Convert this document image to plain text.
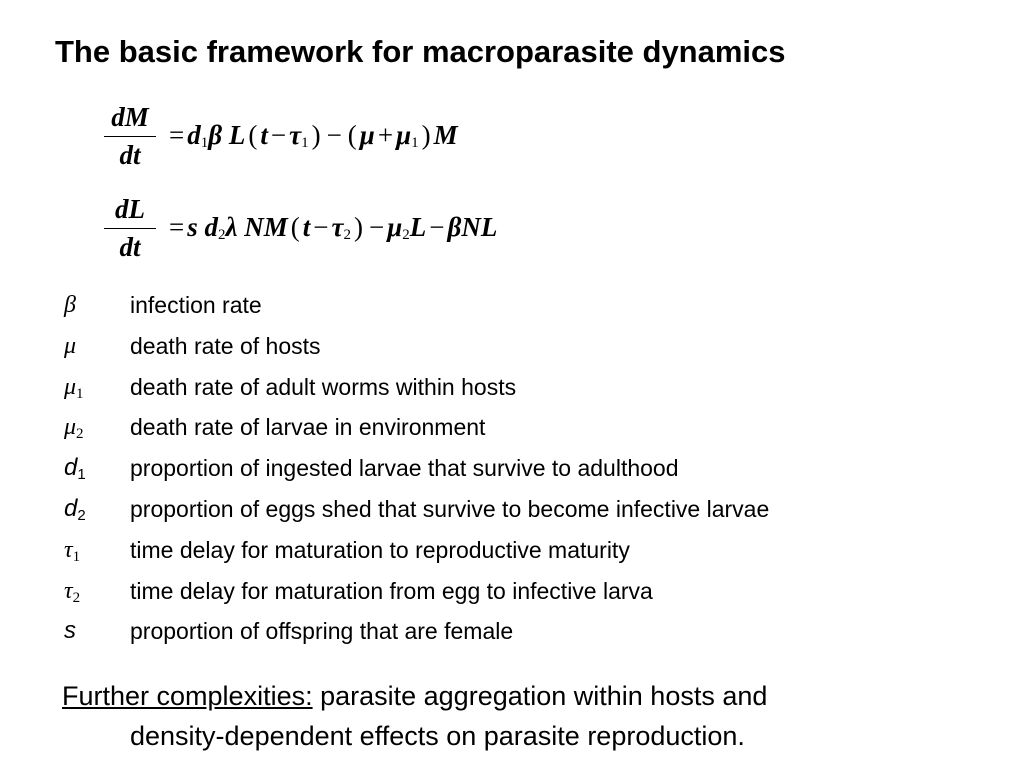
The basic framework for macroparasite dynamics
dM
dt
= $d_1\beta$ L ( $t - \tau_1$ ) − ( $\mu + \mu_1$ ) M
dL
dt
= s $d_2\lambda$ NM ( $t - \tau_2$ ) − $\mu_2L - \beta NL$
β	infection rate
μ	death rate of hosts
$\mu_1$	death rate of adult worms within hosts
$\mu_2$	death rate of larvae in environment
$d_1$	proportion of ingested larvae that survive to adulthood
$d_2$	proportion of eggs shed that survive to become infective larvae
$\tau_1$	time delay for maturation to reproductive maturity
$\tau_2$	time delay for maturation from egg to infective larva
s	proportion of offspring that are female

Further complexities: parasite aggregation within hosts and
density-dependent effects on parasite reproduction.
